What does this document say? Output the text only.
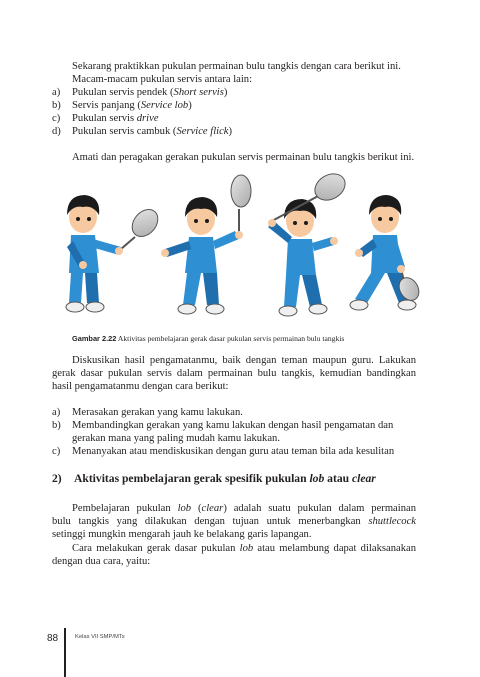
Sekarang praktikkan pukulan permainan bulu tangkis dengan cara berikut ini.

Macam-macam pukulan servis antara lain:

a) Pukulan servis pendek (Short servis)

b) Servis panjang (Service lob)

c) Pukulan servis drive

d) Pukulan servis cambuk (Service flick)

Amati dan peragakan gerakan pukulan servis permainan bulu tangkis berikut ini.

Gambar 2.22 Aktivitas pembelajaran gerak dasar pukulan servis permainan bulu tangkis

Diskusikan hasil pengamatanmu, baik dengan teman maupun guru. Lakukan

gerak dasar pukulan servis dalam permainan bulu tangkis, kemudian bandingkan

hasil pengamatanmu dengan cara berikut:

a) Merasakan gerakan yang kamu lakukan.

b) Membandingkan gerakan yang kamu lakukan dengan hasil pengamatan dan

gerakan mana yang paling mudah kamu lakukan.

c) Menanyakan atau mendiskusikan dengan guru atau teman bila ada kesulitan

2) Aktivitas pembelajaran gerak spesifik pukulan lob atau clear

Pembelajaran pukulan lob (clear) adalah suatu pukulan dalam permainan

bulu tangkis yang dilakukan dengan tujuan untuk menerbangkan shuttlecock

setinggi mungkin mengarah jauh ke belakang garis lapangan.

Cara melakukan gerak dasar pukulan lob atau melambung dapat dilaksanakan

dengan dua cara, yaitu:

88	Kelas VII SMP/MTs
